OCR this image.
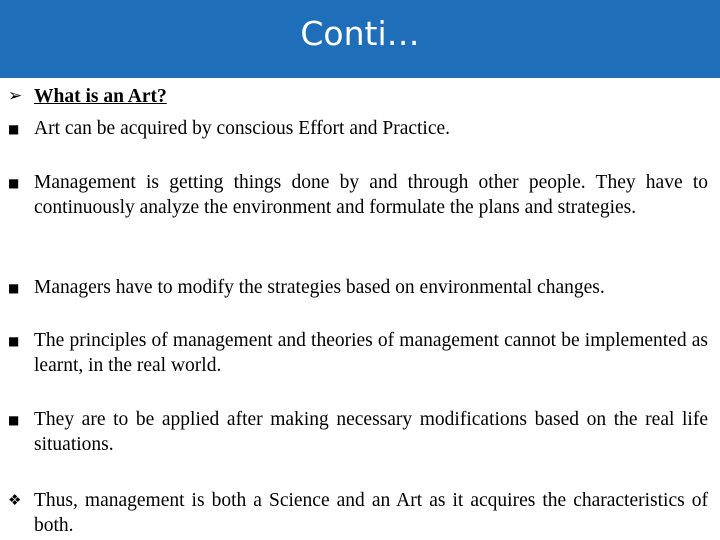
Conti…
➢ What is an Art?
■ Art can be acquired by conscious Effort and Practice.
■ Management is getting things done by and through other people. They have to continuously analyze the environment and formulate the plans and strategies.
■ Managers have to modify the strategies based on environmental changes.
■ The principles of management and theories of management cannot be implemented as learnt, in the real world.
■ They are to be applied after making necessary modifications based on the real life situations.
❖ Thus, management is both a Science and an Art as it acquires the characteristics of both.
